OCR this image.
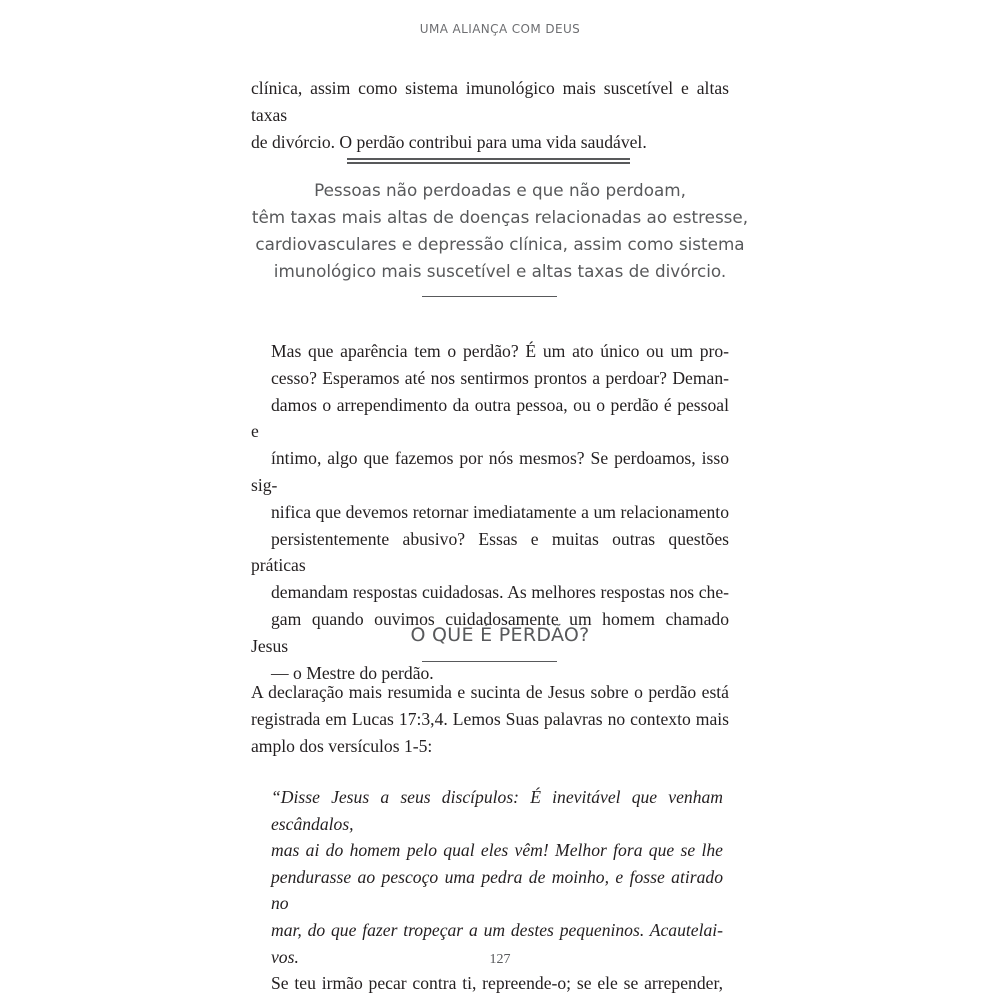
UMA ALIANÇA COM DEUS
clínica, assim como sistema imunológico mais suscetível e altas taxas
de divórcio. O perdão contribui para uma vida saudável.
Pessoas não perdoadas e que não perdoam,
têm taxas mais altas de doenças relacionadas ao estresse,
cardiovasculares e depressão clínica, assim como sistema
imunológico mais suscetível e altas taxas de divórcio.
Mas que aparência tem o perdão? É um ato único ou um pro-
cesso? Esperamos até nos sentirmos prontos a perdoar? Deman-
damos o arrependimento da outra pessoa, ou o perdão é pessoal e
íntimo, algo que fazemos por nós mesmos? Se perdoamos, isso sig-
nifica que devemos retornar imediatamente a um relacionamento
persistentemente abusivo? Essas e muitas outras questões práticas
demandam respostas cuidadosas. As melhores respostas nos che-
gam quando ouvimos cuidadosamente um homem chamado Jesus
— o Mestre do perdão.
O QUE É PERDÃO?
A declaração mais resumida e sucinta de Jesus sobre o perdão está
registrada em Lucas 17:3,4. Lemos Suas palavras no contexto mais
amplo dos versículos 1-5:
“Disse Jesus a seus discípulos: É inevitável que venham escândalos,
mas ai do homem pelo qual eles vêm! Melhor fora que se lhe
pendurasse ao pescoço uma pedra de moinho, e fosse atirado no
mar, do que fazer tropeçar a um destes pequeninos. Acautelai-vos.
Se teu irmão pecar contra ti, repreende-o; se ele se arrepender,
127
